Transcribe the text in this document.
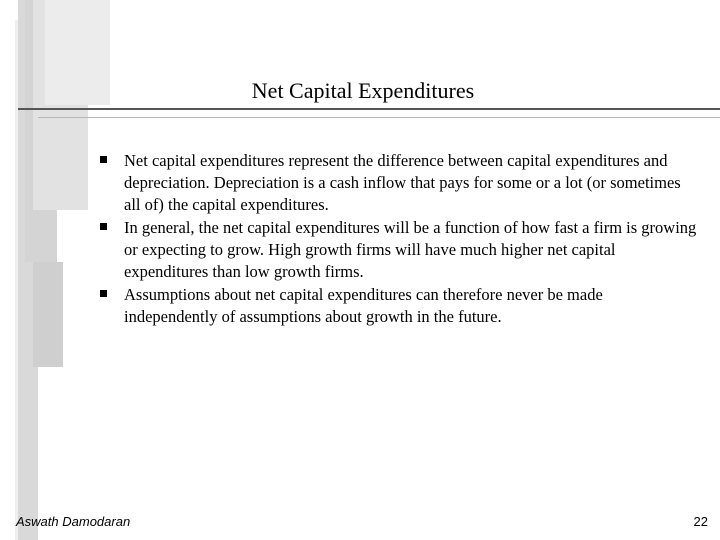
Net Capital Expenditures
Net capital expenditures represent the difference between capital expenditures and depreciation. Depreciation is a cash inflow that pays for some or a lot (or sometimes all of) the capital expenditures.
In general, the net capital expenditures will be a function of how fast a firm is growing or expecting to grow. High growth firms will have much higher net capital expenditures than low growth firms.
Assumptions about net capital expenditures can therefore never be made independently of assumptions about growth in the future.
Aswath Damodaran	22
